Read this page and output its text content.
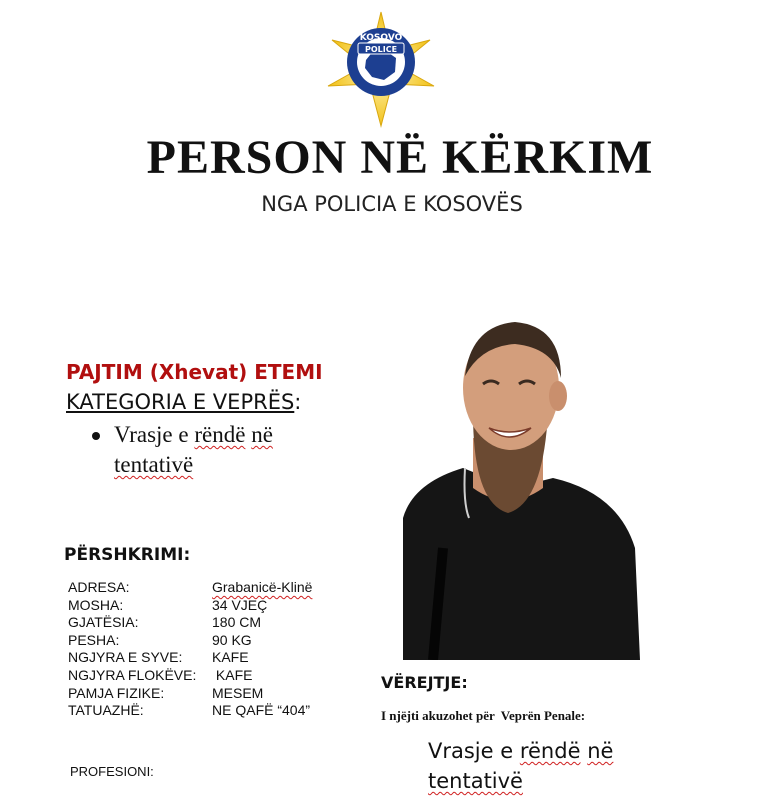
KOSOVO
POLICE
PERSON NË KËRKIM
NGA POLICIA E KOSOVËS
PAJTIM (Xhevat) ETEMI
KATEGORIA E VEPRËS:
Vrasje e rëndë në
tentativë
PËRSHKRIMI:
ADRESA:	Grabanicë-Klinë
MOSHA:	34 VJEÇ
GJATËSIA:	180 CM
PESHA:	90 KG
NGJYRA E SYVE:	KAFE
NGJYRA FLOKËVE:	KAFE
PAMJA FIZIKE:	MESEM
TATUAZHË:	NE QAFË “404”
PROFESIONI:
VËREJTJE:
I njëjti akuzohet për  Veprën Penale:
Vrasje e rëndë në
tentativë
